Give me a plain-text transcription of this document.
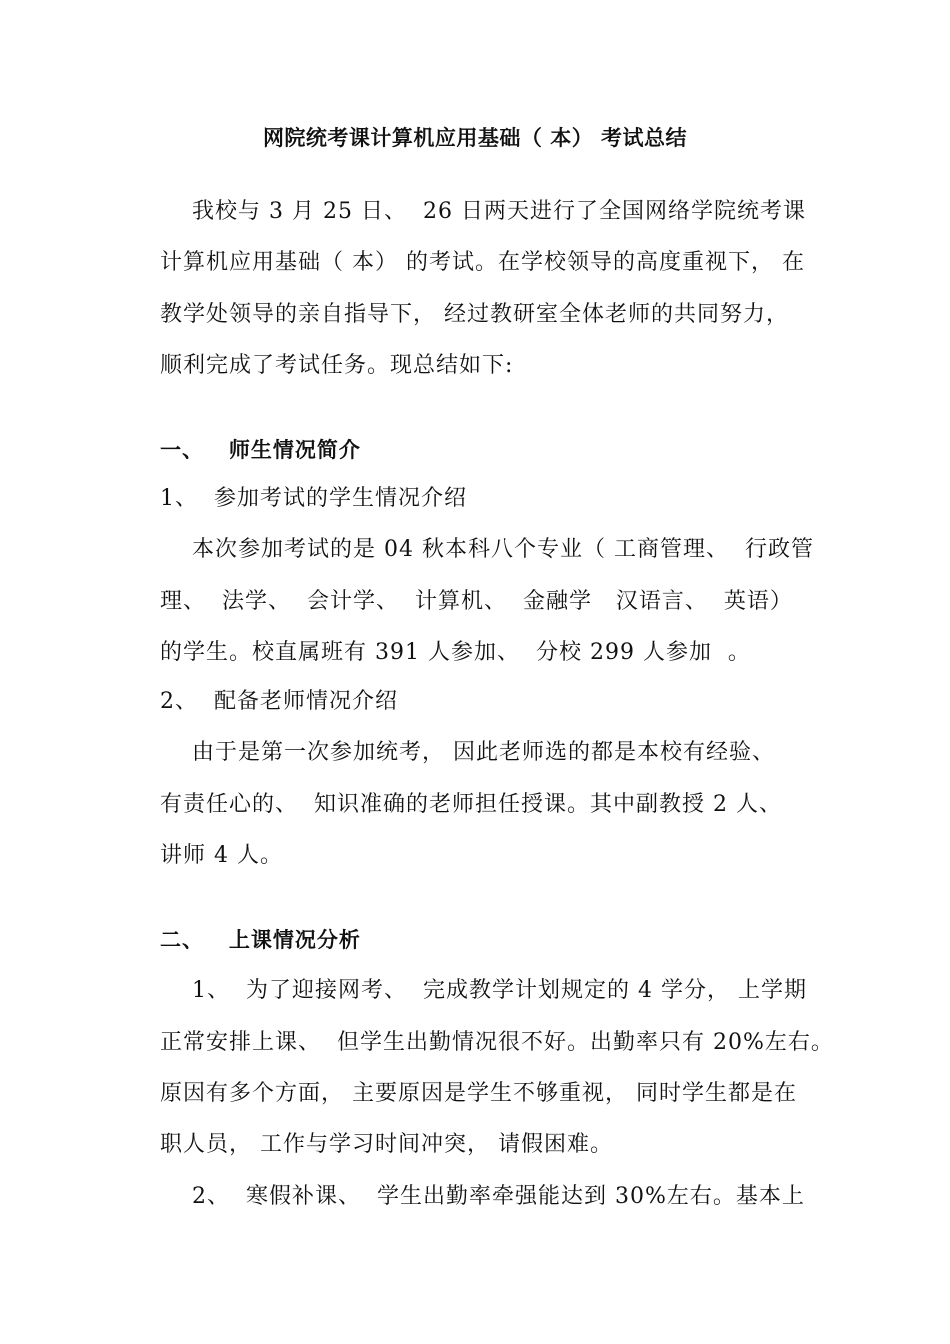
网院统考课计算机应用基础（ 本） 考试总结
我校与 3 月 25 日、  26 日两天进行了全国网络学院统考课
计算机应用基础（ 本） 的考试。在学校领导的高度重视下， 在
教学处领导的亲自指导下， 经过教研室全体老师的共同努力，
顺利完成了考试任务。现总结如下:
一、   师生情况简介
1、  参加考试的学生情况介绍
本次参加考试的是 04 秋本科八个专业（ 工商管理、  行政管
理、  法学、  会计学、  计算机、  金融学   汉语言、  英语）
的学生。校直属班有 391 人参加、  分校 299 人参加  。
2、  配备老师情况介绍
由于是第一次参加统考， 因此老师选的都是本校有经验、
有责任心的、  知识准确的老师担任授课。其中副教授 2 人、
讲师 4 人。
二、   上课情况分析
1、  为了迎接网考、  完成教学计划规定的 4 学分， 上学期
正常安排上课、  但学生出勤情况很不好。出勤率只有 20%左右。
原因有多个方面， 主要原因是学生不够重视， 同时学生都是在
职人员， 工作与学习时间冲突， 请假困难。
2、  寒假补课、  学生出勤率牵强能达到 30%左右。基本上
